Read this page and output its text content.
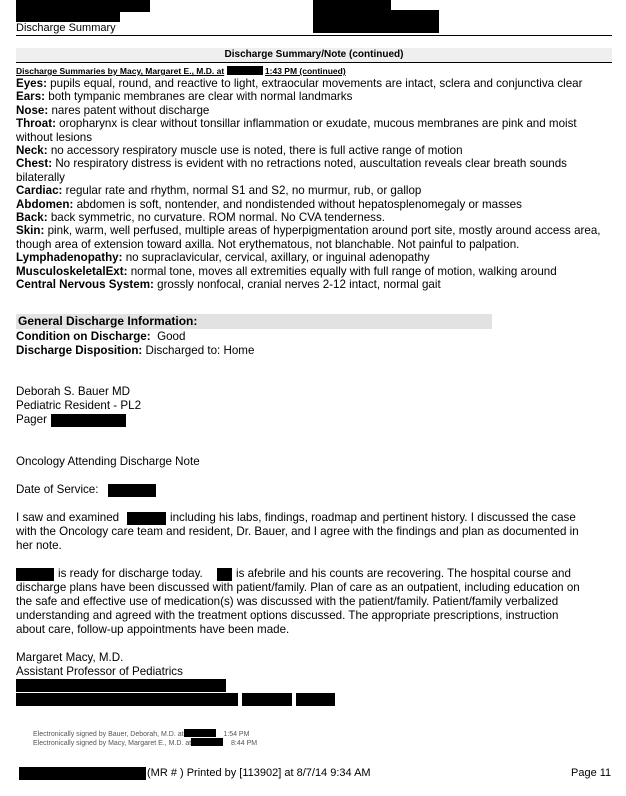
Discharge Summary
Discharge Summary/Note (continued)
Discharge Summaries by Macy, Margaret E., M.D. at	1:43 PM (continued)

Eyes: pupils equal, round, and reactive to light, extraocular movements are intact, sclera and conjunctiva clear

Ears: both tympanic membranes are clear with normal landmarks

Nose: nares patent without discharge

Throat: oropharynx is clear without tonsillar inflammation or exudate, mucous membranes are pink and moist without lesions

Neck: no accessory respiratory muscle use is noted, there is full active range of motion

Chest: No respiratory distress is evident with no retractions noted, auscultation reveals clear breath sounds bilaterally

Cardiac: regular rate and rhythm, normal S1 and S2, no murmur, rub, or gallop

Abdomen: abdomen is soft, nontender, and nondistended without hepatosplenomegaly or masses

Back: back symmetric, no curvature. ROM normal. No CVA tenderness.

Skin: pink, warm, well perfused, multiple areas of hyperpigmentation around port site, mostly around access area, though area of extension toward axilla. Not erythematous, not blanchable. Not painful to palpation.

Lymphadenopathy: no supraclavicular, cervical, axillary, or inguinal adenopathy

MusculoskeletalExt: normal tone, moves all extremities equally with full range of motion, walking around

Central Nervous System: grossly nonfocal, cranial nerves 2-12 intact, normal gait

General Discharge Information:
Condition on Discharge: Good
Discharge Disposition: Discharged to: Home
Deborah S. Bauer MD
Pediatric Resident - PL2
Pager
Oncology Attending Discharge Note
Date of Service:
I saw and examined	including his labs, findings, roadmap and pertinent history. I discussed the case
with the Oncology care team and resident, Dr. Bauer, and I agree with the findings and plan as documented in
her note.
is ready for discharge today.	is afebrile and his counts are recovering. The hospital course and
discharge plans have been discussed with patient/family. Plan of care as an outpatient, including education on
the safe and effective use of medication(s) was discussed with the patient/family. Patient/family verbalized
understanding and agreed with the treatment options discussed. The appropriate prescriptions, instruction
about care, follow-up appointments have been made.
Margaret Macy, M.D.
Assistant Professor of Pediatrics
Electronically signed by Bauer, Deborah, M.D. at	1:54 PM
Electronically signed by Macy, Margaret E., M.D. at	8:44 PM
(MR # ) Printed by [113902] at 8/7/14 9:34 AM	Page 11
